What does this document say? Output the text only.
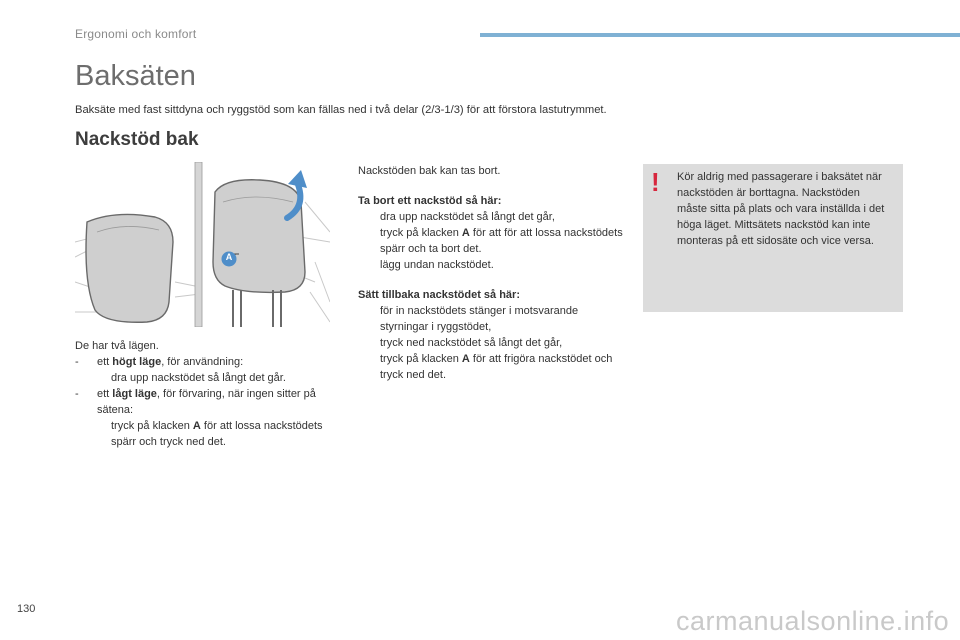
Ergonomi och komfort
Baksäten
Baksäte med fast sittdyna och ryggstöd som kan fällas ned i två delar (2/3-1/3) för att förstora lastutrymmet.
Nackstöd bak
A

De har två lägen.

- ett högt läge, för användning:
dra upp nackstödet så långt det går.
- ett lågt läge, för förvaring, när ingen sitter på sätena:
tryck på klacken A för att lossa nackstödets spärr och tryck ned det.

Nackstöden bak kan tas bort.

Ta bort ett nackstöd så här:

dra upp nackstödet så långt det går,
tryck på klacken A för att för att lossa nackstödets spärr och ta bort det.
lägg undan nackstödet.

Sätt tillbaka nackstödet så här:

för in nackstödets stänger i motsvarande styrningar i ryggstödet,
tryck ned nackstödet så långt det går,
tryck på klacken A för att frigöra nackstödet och tryck ned det.
! Kör aldrig med passagerare i baksätet när nackstöden är borttagna. Nackstöden måste sitta på plats och vara inställda i det höga läget. Mittsätets nackstöd kan inte monteras på ett sidosäte och vice versa.
130	carmanualsonline.info
